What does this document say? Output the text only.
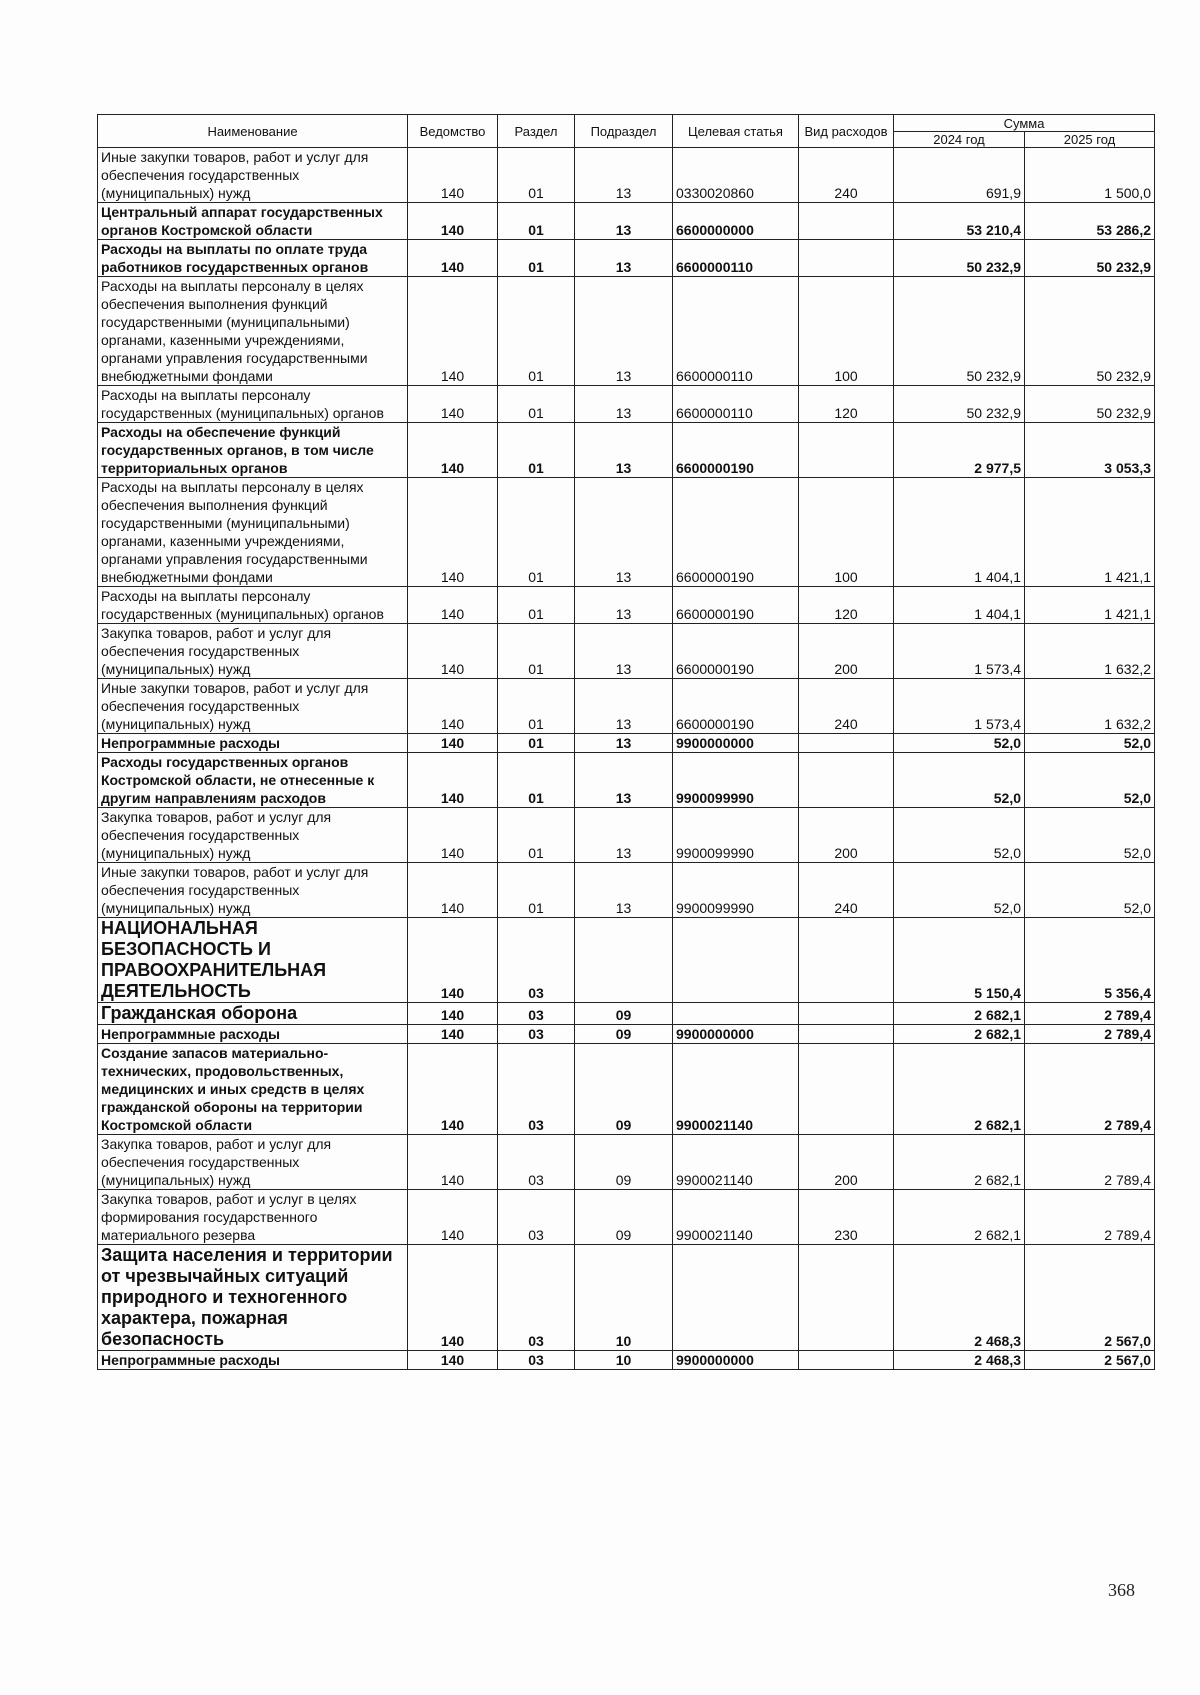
Наименование	Ведомство	Раздел	Подраздел	Целевая статья	Вид расходов	Сумма	
						2024 год	2025 год
Иные закупки товаров, работ и услуг для обеспечения государственных (муниципальных) нужд	140	01	13	0330020860	240	691,9	1 500,0
Центральный аппарат государственных органов Костромской области	140	01	13	6600000000		53 210,4	53 286,2
Расходы на выплаты по оплате труда работников государственных органов	140	01	13	6600000110		50 232,9	50 232,9
Расходы на выплаты персоналу в целях обеспечения выполнения функций государственными (муниципальными) органами, казенными учреждениями, органами управления государственными внебюджетными фондами	140	01	13	6600000110	100	50 232,9	50 232,9
Расходы на выплаты персоналу государственных (муниципальных) органов	140	01	13	6600000110	120	50 232,9	50 232,9
Расходы на обеспечение функций государственных органов, в том числе территориальных органов	140	01	13	6600000190		2 977,5	3 053,3
Расходы на выплаты персоналу в целях обеспечения выполнения функций государственными (муниципальными) органами, казенными учреждениями, органами управления государственными внебюджетными фондами	140	01	13	6600000190	100	1 404,1	1 421,1
Расходы на выплаты персоналу государственных (муниципальных) органов	140	01	13	6600000190	120	1 404,1	1 421,1
Закупка товаров, работ и услуг для обеспечения государственных (муниципальных) нужд	140	01	13	6600000190	200	1 573,4	1 632,2
Иные закупки товаров, работ и услуг для обеспечения государственных (муниципальных) нужд	140	01	13	6600000190	240	1 573,4	1 632,2
Непрограммные расходы	140	01	13	9900000000		52,0	52,0
Расходы государственных органов Костромской области, не отнесенные к другим направлениям расходов	140	01	13	9900099990		52,0	52,0
Закупка товаров, работ и услуг для обеспечения государственных (муниципальных) нужд	140	01	13	9900099990	200	52,0	52,0
Иные закупки товаров, работ и услуг для обеспечения государственных (муниципальных) нужд	140	01	13	9900099990	240	52,0	52,0
НАЦИОНАЛЬНАЯ БЕЗОПАСНОСТЬ И ПРАВООХРАНИТЕЛЬНАЯ ДЕЯТЕЛЬНОСТЬ	140	03				5 150,4	5 356,4
Гражданская оборона	140	03	09			2 682,1	2 789,4
Непрограммные расходы	140	03	09	9900000000		2 682,1	2 789,4
Создание запасов материально-технических, продовольственных, медицинских и иных средств в целях гражданской обороны на территории Костромской области	140	03	09	9900021140		2 682,1	2 789,4
Закупка товаров, работ и услуг для обеспечения государственных (муниципальных) нужд	140	03	09	9900021140	200	2 682,1	2 789,4
Закупка товаров, работ и услуг в целях формирования государственного материального резерва	140	03	09	9900021140	230	2 682,1	2 789,4
Защита населения и территории от чрезвычайных ситуаций природного и техногенного характера, пожарная безопасность	140	03	10			2 468,3	2 567,0
Непрограммные расходы	140	03	10	9900000000		2 468,3	2 567,0
368
